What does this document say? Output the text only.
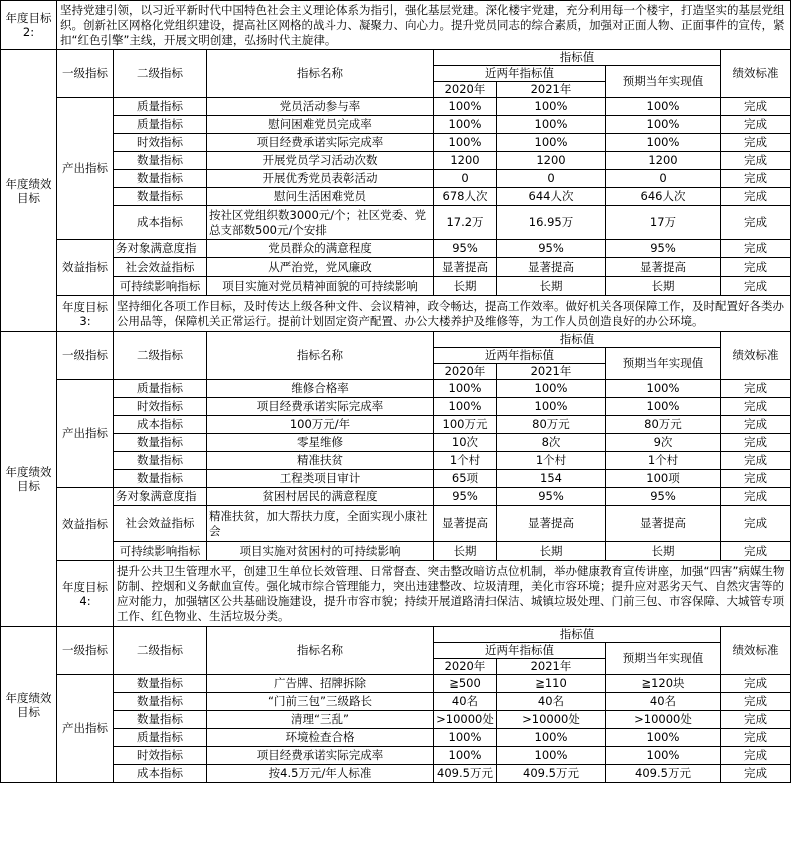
年度目标2:	坚持党建引领，以习近平新时代中国特色社会主义理论体系为指引，强化基层党建。深化楼宇党建，充分利用每一个楼宇，打造坚实的基层党组织。创新社区网格化党组织建设，提高社区网格的战斗力、凝聚力、向心力。提升党员同志的综合素质，加强对正面人物、正面事件的宣传，紧扣“红色引擎”主线，开展文明创建，弘扬时代主旋律。						
年度绩效目标	一级指标	二级指标	指标名称	指标值			绩效标准
				近两年指标值		预期当年实现值	
				2020年	2021年		
	产出指标	质量指标	党员活动参与率	100%	100%	100%	完成
		质量指标	慰问困难党员完成率	100%	100%	100%	完成
		时效指标	项目经费承诺实际完成率	100%	100%	100%	完成
		数量指标	开展党员学习活动次数	1200	1200	1200	完成
		数量指标	开展优秀党员表彰活动	0	0	0	完成
		数量指标	慰问生活困难党员	678人次	644人次	646人次	完成
		成本指标	按社区党组织数3000元/个；社区党委、党总支部数500元/个安排	17.2万	16.95万	17万	完成
	效益指标	务对象满意度指	党员群众的满意程度	95%	95%	95%	完成
		社会效益指标	从严治党，党风廉政	显著提高	显著提高	显著提高	完成
		可持续影响指标	项目实施对党员精神面貌的可持续影响	长期	长期	长期	完成
	年度目标3:	坚持细化各项工作目标，及时传达上级各种文件、会议精神，政令畅达，提高工作效率。做好机关各项保障工作，及时配置好各类办公用品等，保障机关正常运行。提前计划固定资产配置、办公大楼养护及维修等，为工作人员创造良好的办公环境。					
年度绩效目标	一级指标	二级指标	指标名称	指标值			绩效标准
				近两年指标值		预期当年实现值	
				2020年	2021年		
	产出指标	质量指标	维修合格率	100%	100%	100%	完成
		时效指标	项目经费承诺实际完成率	100%	100%	100%	完成
		成本指标	100万元/年	100万元	80万元	80万元	完成
		数量指标	零星维修	10次	8次	9次	完成
		数量指标	精准扶贫	1个村	1个村	1个村	完成
		数量指标	工程类项目审计	65项	154	100项	完成
	效益指标	务对象满意度指	贫困村居民的满意程度	95%	95%	95%	完成
		社会效益指标	精准扶贫，加大帮扶力度，全面实现小康社会	显著提高	显著提高	显著提高	完成
		可持续影响指标	项目实施对贫困村的可持续影响	长期	长期	长期	完成
	年度目标4:	提升公共卫生管理水平，创建卫生单位长效管理、日常督查、突击整改暗访点位机制，举办健康教育宣传讲座，加强“四害”病媒生物防制、控烟和义务献血宣传。强化城市综合管理能力，突出违建整改、垃圾清理，美化市容环境；提升应对恶劣天气、自然灾害等的应对能力，加强辖区公共基础设施建设，提升市容市貌；持续开展道路清扫保洁、城镇垃圾处理、门前三包、市容保障、大城管专项工作、红色物业、生活垃圾分类。					
年度绩效目标	一级指标	二级指标	指标名称	指标值			绩效标准
				近两年指标值		预期当年实现值	
				2020年	2021年		
	产出指标	数量指标	广告牌、招牌拆除	≧500	≧110	≧120块	完成
		数量指标	“门前三包”三级路长	40名	40名	40名	完成
		数量指标	清理“三乱”	>10000处	>10000处	>10000处	完成
		质量指标	环境检查合格	100%	100%	100%	完成
		时效指标	项目经费承诺实际完成率	100%	100%	100%	完成
		成本指标	按4.5万元/年人标准	409.5万元	409.5万元	409.5万元	完成
